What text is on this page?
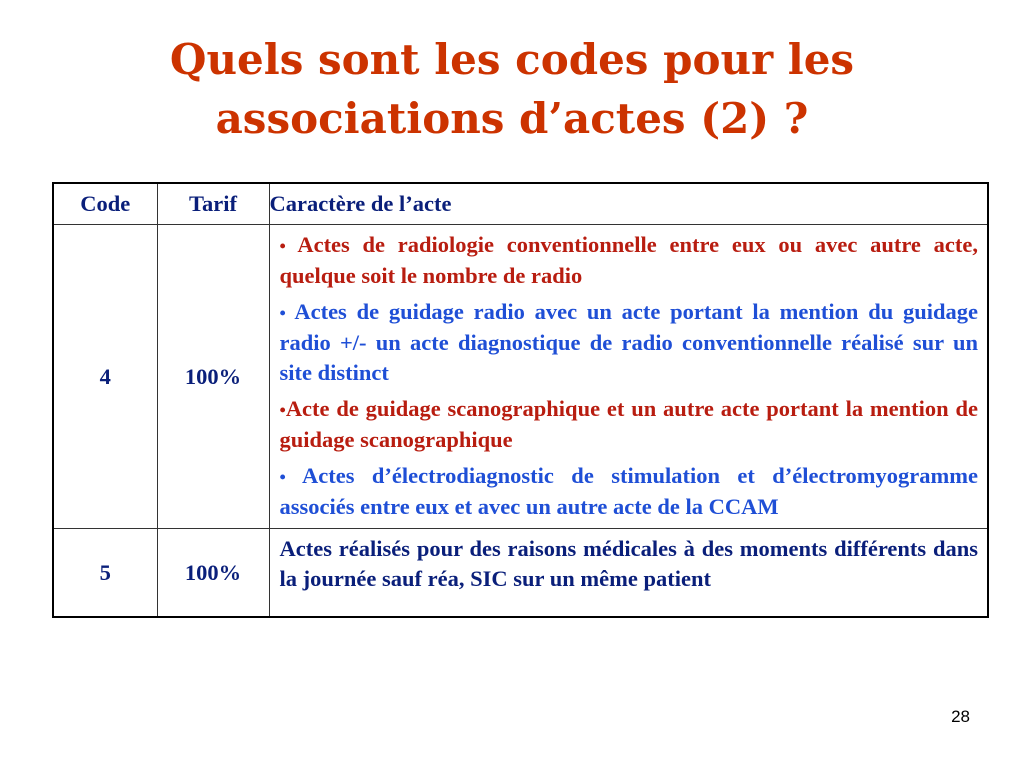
Quels sont les codes pour les
associations d’actes (2) ?
Code	Tarif	Caractère de l’acte
4	100%	• Actes de radiologie conventionnelle entre eux ou avec autre acte, quelque soit le nombre de radio
• Actes de guidage radio avec un acte portant la mention du guidage radio +/- un acte diagnostique de radio conventionnelle réalisé sur un site distinct
•Acte de guidage scanographique et un autre acte portant la mention de guidage scanographique
• Actes d’électrodiagnostic de stimulation et d’électromyogramme associés entre eux et avec un autre acte de la CCAM

5	100%	Actes réalisés pour des raisons médicales à des moments différents dans la journée sauf réa, SIC sur un même patient
28
